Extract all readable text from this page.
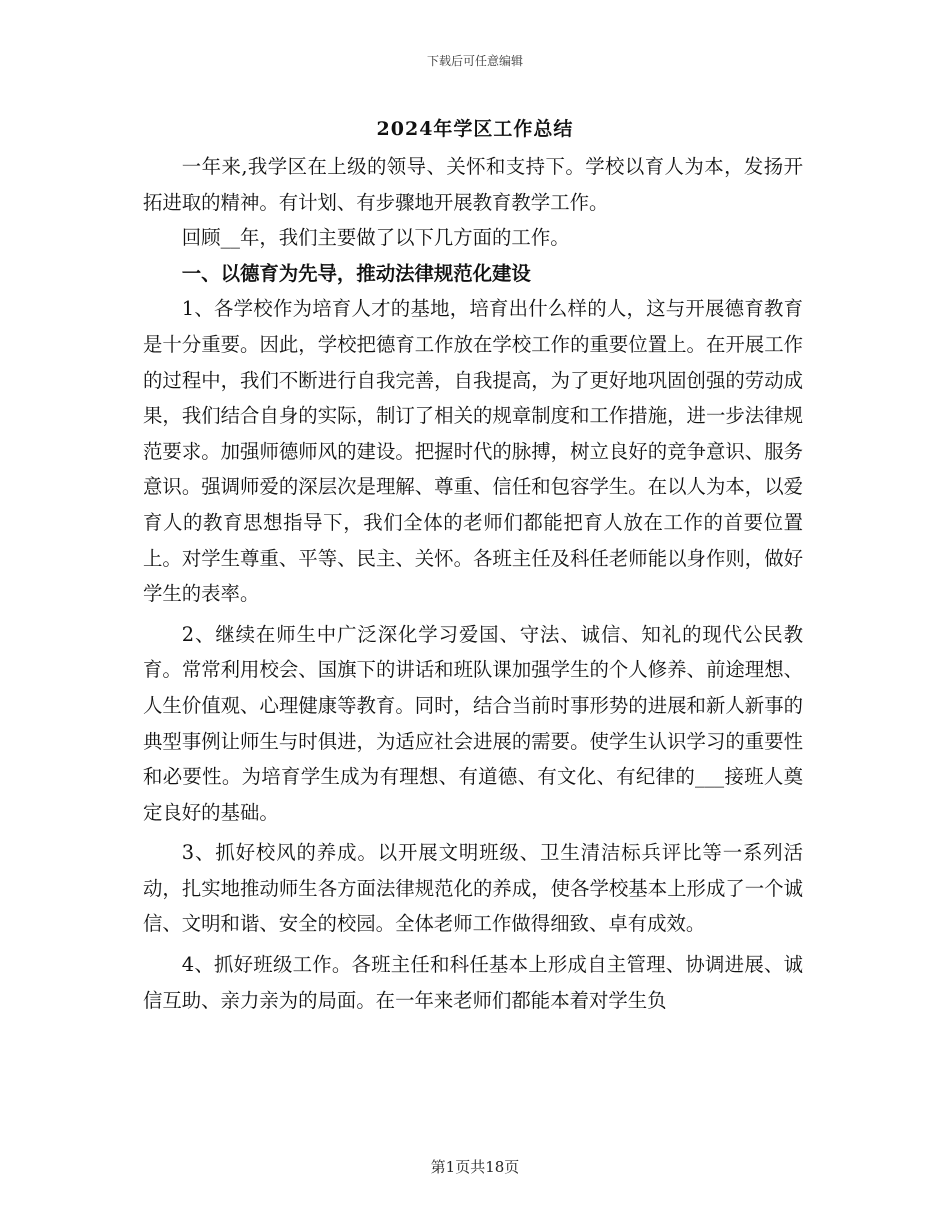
下载后可任意编辑
2024年学区工作总结

一年来,我学区在上级的领导、关怀和支持下。学校以育人为本，发扬开拓进取的精神。有计划、有步骤地开展教育教学工作。

回顾__年，我们主要做了以下几方面的工作。

一、以德育为先导，推动法律规范化建设

1、各学校作为培育人才的基地，培育出什么样的人，这与开展德育教育是十分重要。因此，学校把德育工作放在学校工作的重要位置上。在开展工作的过程中，我们不断进行自我完善，自我提高，为了更好地巩固创强的劳动成果，我们结合自身的实际，制订了相关的规章制度和工作措施，进一步法律规范要求。加强师德师风的建设。把握时代的脉搏，树立良好的竞争意识、服务意识。强调师爱的深层次是理解、尊重、信任和包容学生。在以人为本，以爱育人的教育思想指导下，我们全体的老师们都能把育人放在工作的首要位置上。对学生尊重、平等、民主、关怀。各班主任及科任老师能以身作则，做好学生的表率。

2、继续在师生中广泛深化学习爱国、守法、诚信、知礼的现代公民教育。常常利用校会、国旗下的讲话和班队课加强学生的个人修养、前途理想、人生价值观、心理健康等教育。同时，结合当前时事形势的进展和新人新事的典型事例让师生与时俱进，为适应社会进展的需要。使学生认识学习的重要性和必要性。为培育学生成为有理想、有道德、有文化、有纪律的___接班人奠定良好的基础。

3、抓好校风的养成。以开展文明班级、卫生清洁标兵评比等一系列活动，扎实地推动师生各方面法律规范化的养成，使各学校基本上形成了一个诚信、文明和谐、安全的校园。全体老师工作做得细致、卓有成效。

4、抓好班级工作。各班主任和科任基本上形成自主管理、协调进展、诚信互助、亲力亲为的局面。在一年来老师们都能本着对学生负

第1页共18页
